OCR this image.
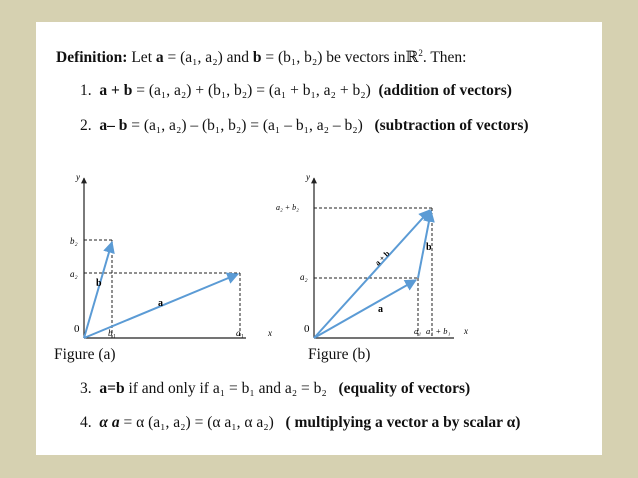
Definition: Let a = (a₁, a₂) and b = (b₁, b₂) be vectors inℝ$^2$. Then:
1. a + b = (a₁, a₂) + (b₁, b₂) = (a₁ + b₁, a₂ + b₂) (addition of vectors)
2. a– b = (a₁, a₂) – (b₁, b₂) = (a₁ – b₁, a₂ – b₂) (subtraction of vectors)
y
b₂
a₂
0	b₁	a₁	x
b
a
y
a₂ + b₂
a₂
0	a₁ a₁ + b₁ x
b
a
a + b
Figure (a)	Figure (b)
3. a=b if and only if a₁ = b₁ and a₂ = b₂ (equality of vectors)
4. α a = α (a₁, a₂) = (α a₁, α a₂) ( multiplying a vector a by scalar α)
